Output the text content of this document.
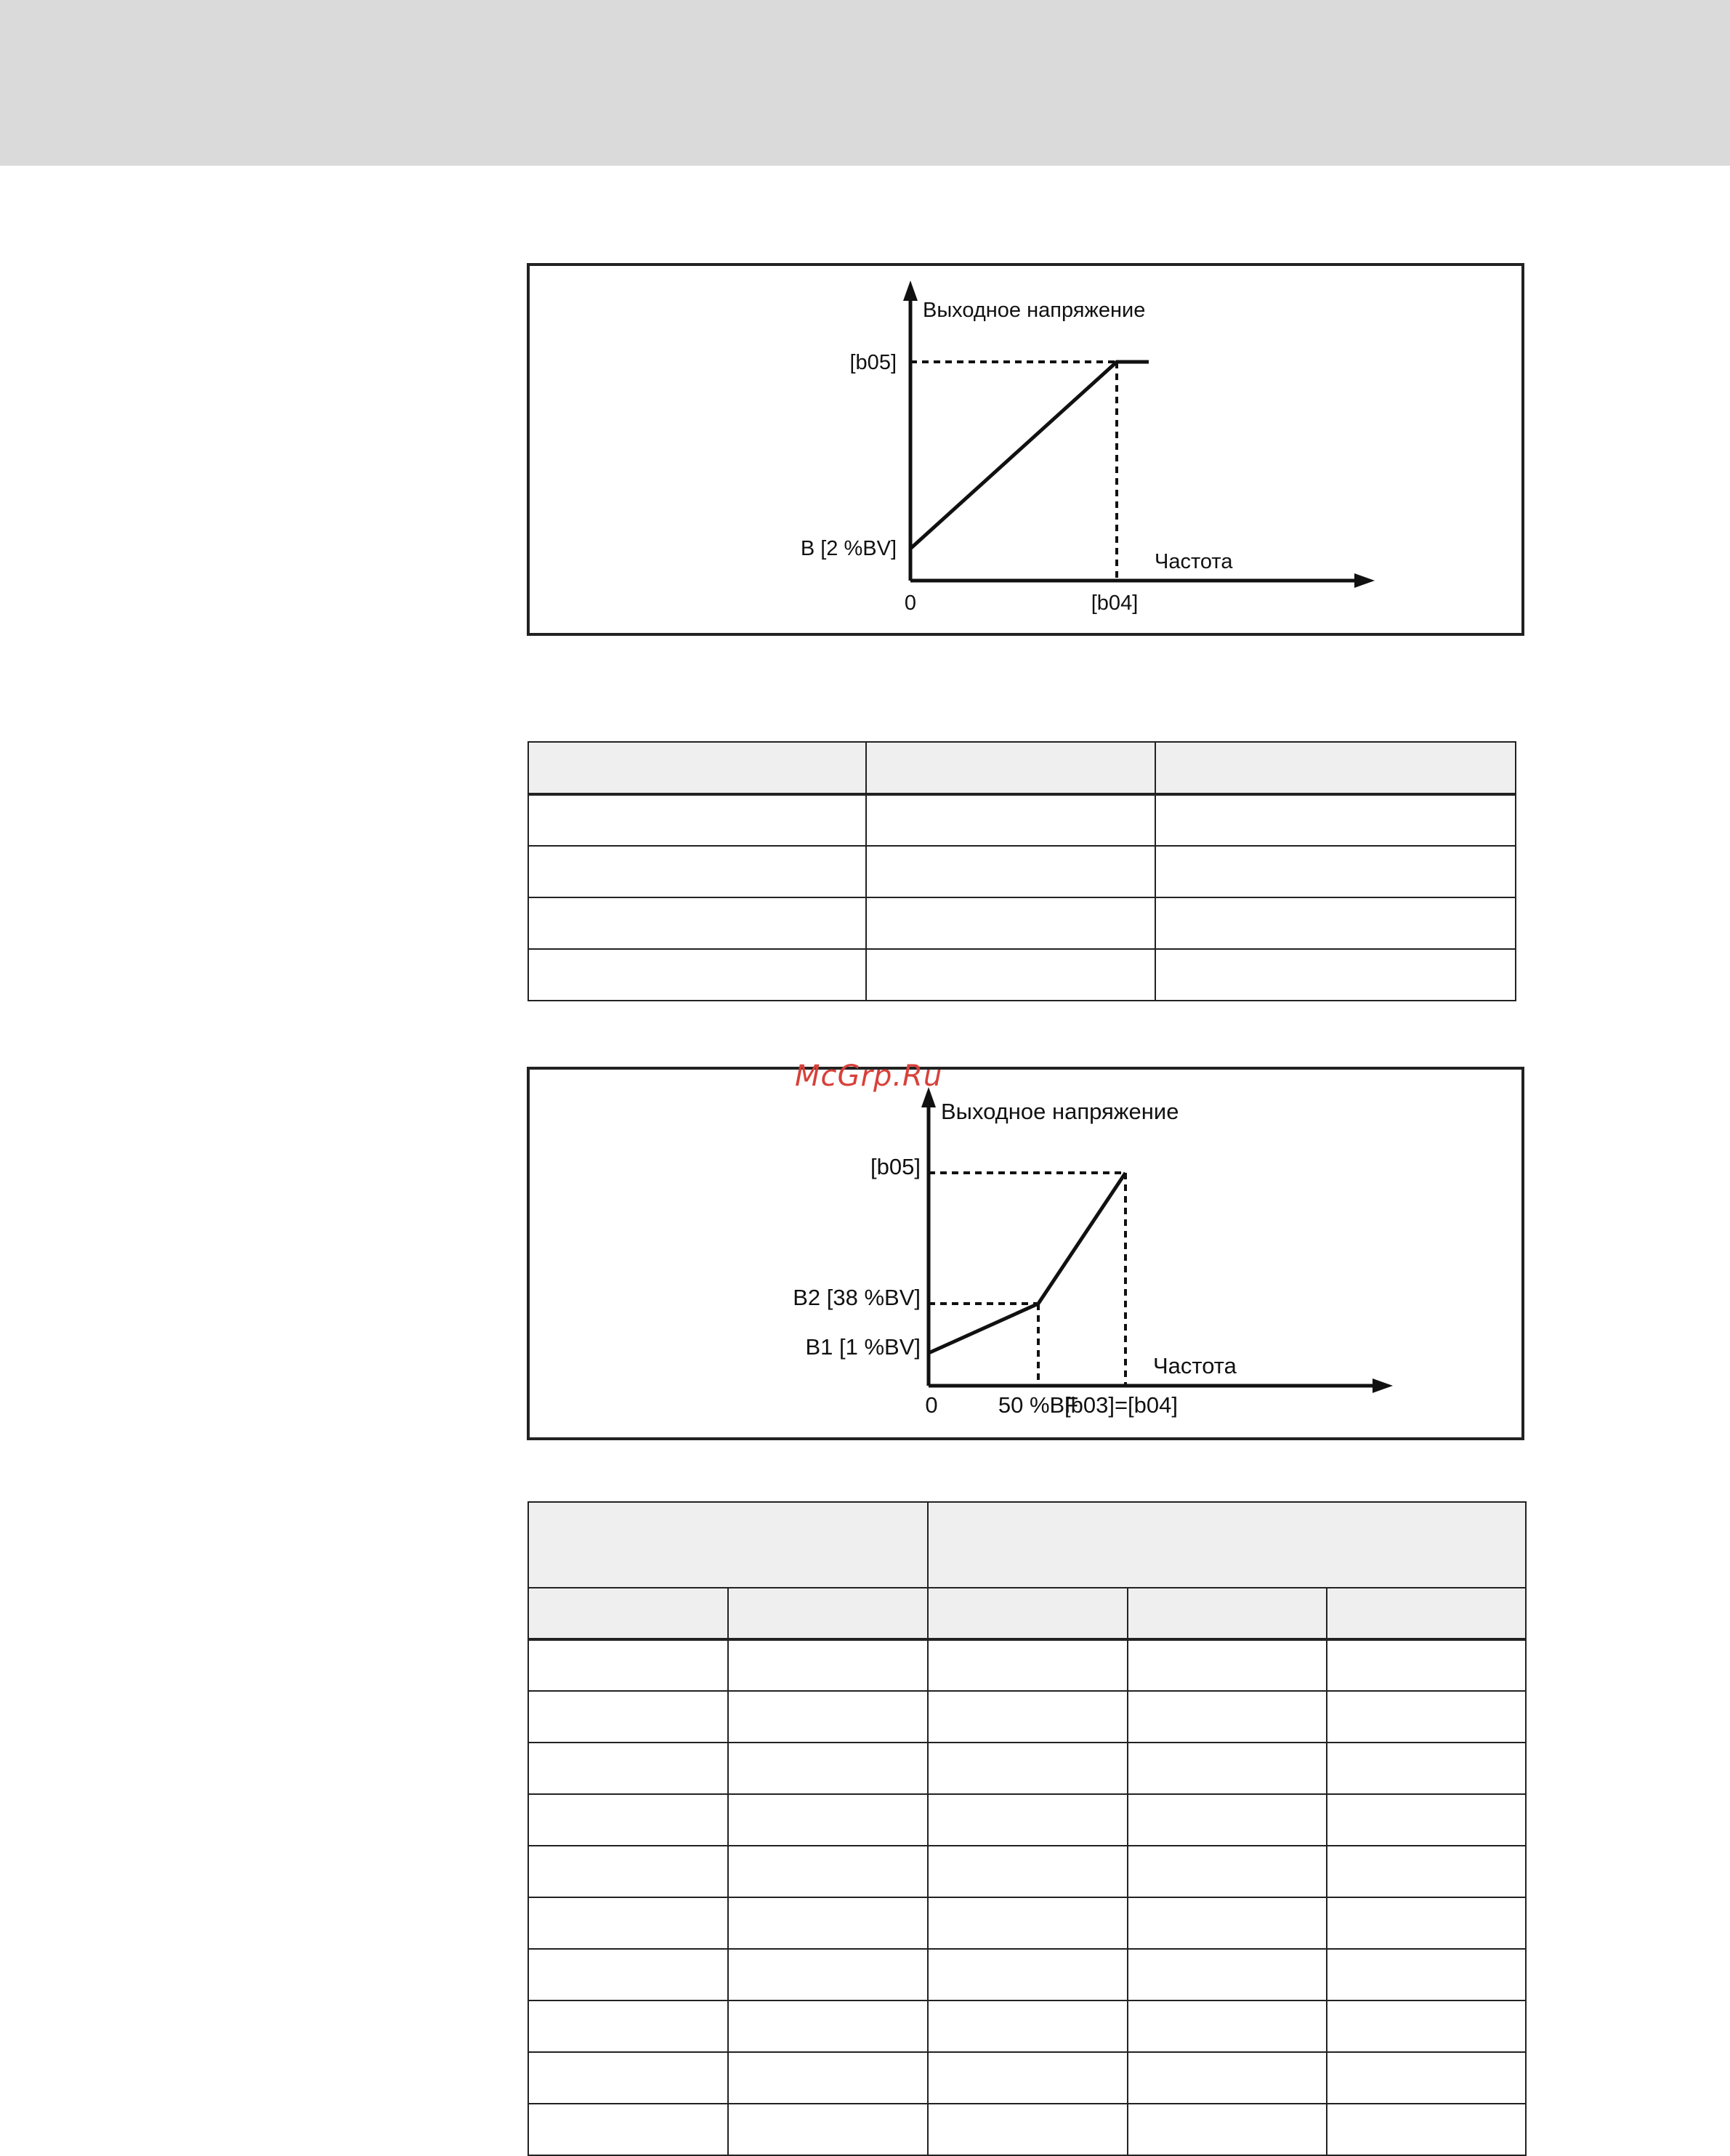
Выходное напряжение
Частота
[b05]
B [2 %BV]
0	[b04]

Выходное напряжение
Частота
[b05]
B2 [38 %BV]
B1 [1 %BV]
0	50 %BF
[b03]=[b04]
McGrp.Ru
